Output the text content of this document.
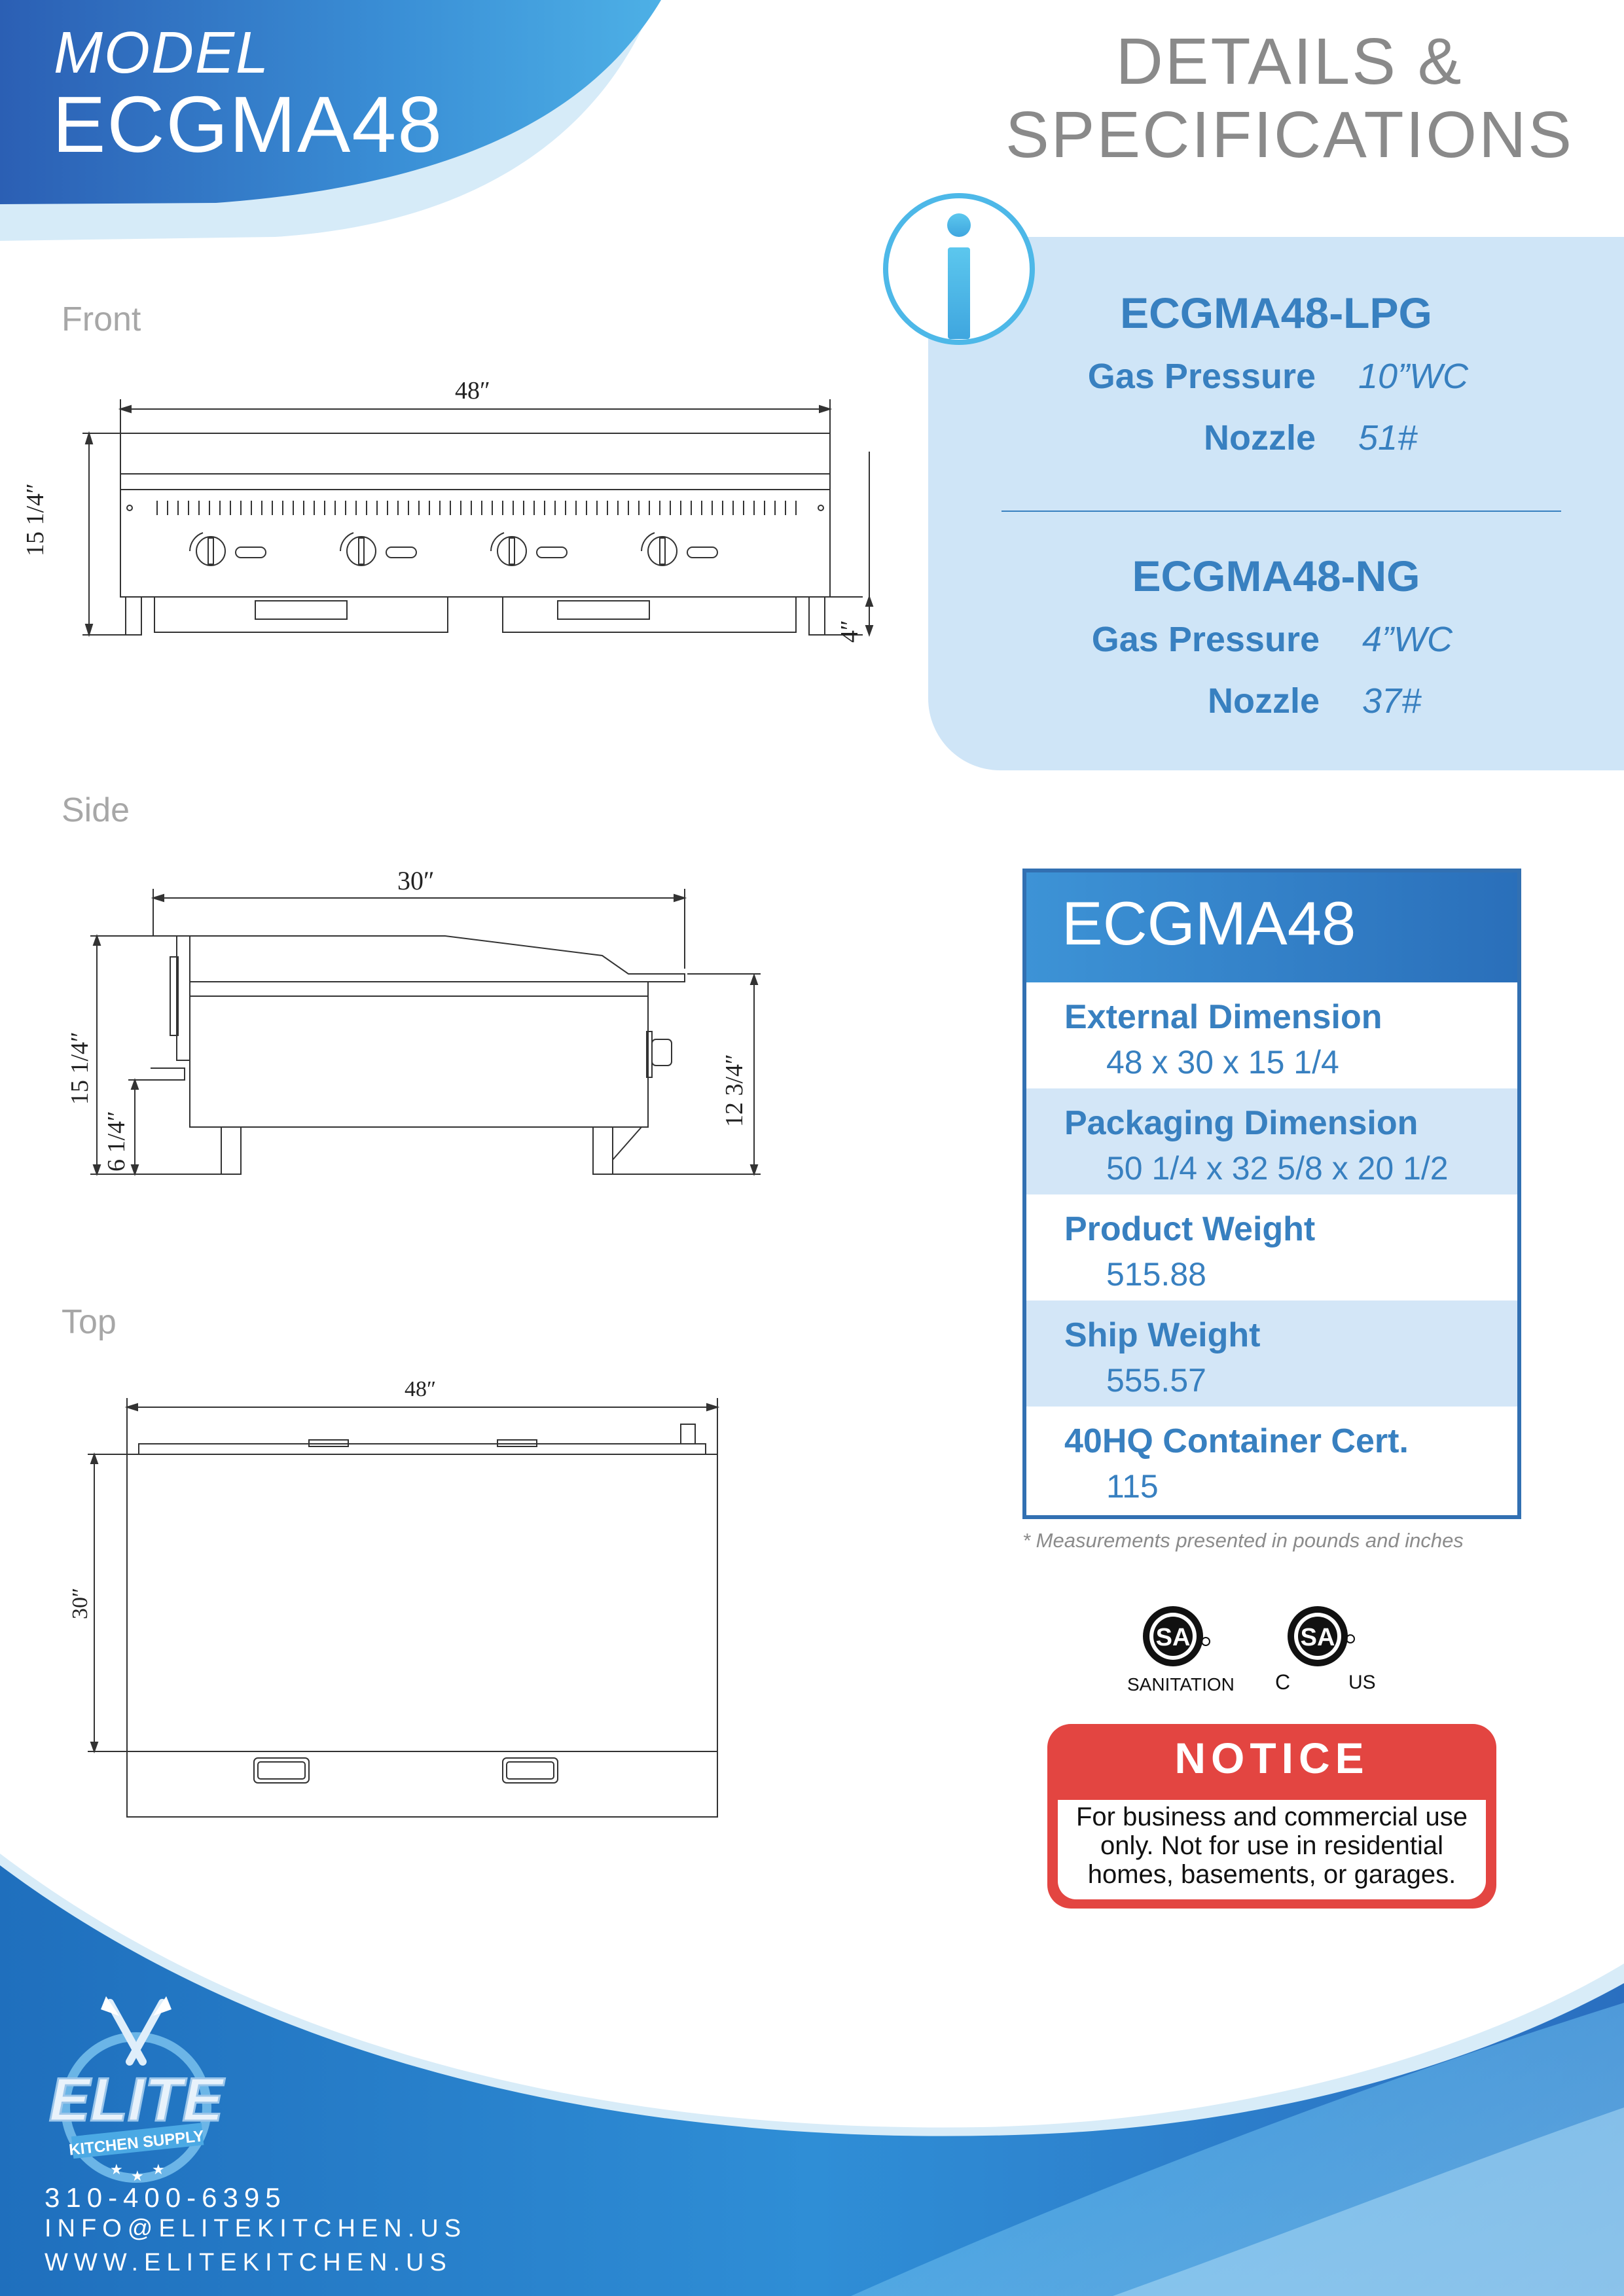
MODEL
ECGMA48
DETAILS &
SPECIFICATIONS
ECGMA48-LPG
Gas Pressure 10”WC
Nozzle 51#
ECGMA48-NG
Gas Pressure 4”WC
Nozzle 37#
Front
Side
Top
48″
15 1/4″
4″
30″
15 1/4″
6 1/4″
12 3/4″
48″
30″
ECGMA48
External Dimension
48 x 30 x 15 1/4
Packaging Dimension
50 1/4 x 32 5/8 x 20 1/2
Product Weight
515.88
Ship Weight
555.57
40HQ Container Cert.
115
* Measurements presented in pounds and inches
SA
SANITATION
SA
C	US
NOTICE
For business and commercial use
only. Not for use in residential
homes, basements, or garages.
ELITE
KITCHEN SUPPLY
★ ★ ★
310-400-6395
INFO@ELITEKITCHEN.US
WWW.ELITEKITCHEN.US
